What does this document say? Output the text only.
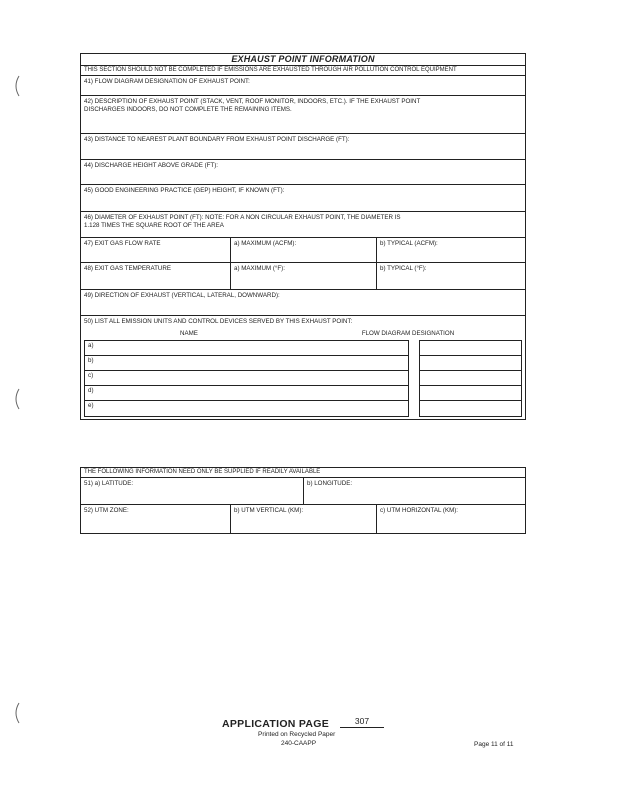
EXHAUST POINT INFORMATION
THIS SECTION SHOULD NOT BE COMPLETED IF EMISSIONS ARE EXHAUSTED THROUGH AIR POLLUTION CONTROL EQUIPMENT
41) FLOW DIAGRAM DESIGNATION OF EXHAUST POINT:
42) DESCRIPTION OF EXHAUST POINT (STACK, VENT, ROOF MONITOR, INDOORS, ETC.). IF THE EXHAUST POINT
DISCHARGES INDOORS, DO NOT COMPLETE THE REMAINING ITEMS.
43) DISTANCE TO NEAREST PLANT BOUNDARY FROM EXHAUST POINT DISCHARGE (FT):
44) DISCHARGE HEIGHT ABOVE GRADE (FT):
45) GOOD ENGINEERING PRACTICE (GEP) HEIGHT, IF KNOWN (FT):
46) DIAMETER OF EXHAUST POINT (FT): NOTE: FOR A NON CIRCULAR EXHAUST POINT, THE DIAMETER IS
1.128 TIMES THE SQUARE ROOT OF THE AREA
47) EXIT GAS FLOW RATE	a) MAXIMUM (ACFM):	b) TYPICAL (ACFM):
48) EXIT GAS TEMPERATURE	a) MAXIMUM (°F):	b) TYPICAL (°F):
49) DIRECTION OF EXHAUST (VERTICAL, LATERAL, DOWNWARD):
50) LIST ALL EMISSION UNITS AND CONTROL DEVICES SERVED BY THIS EXHAUST POINT:
NAME	FLOW DIAGRAM DESIGNATION
a)
b)
c)
d)
e)
THE FOLLOWING INFORMATION NEED ONLY BE SUPPLIED IF READILY AVAILABLE
51) a) LATITUDE:	b) LONGITUDE:
52) UTM ZONE:	b) UTM VERTICAL (KM):	c) UTM HORIZONTAL (KM):
APPLICATION PAGE	307
Printed on Recycled Paper
240-CAAPP	Page 11 of 11
